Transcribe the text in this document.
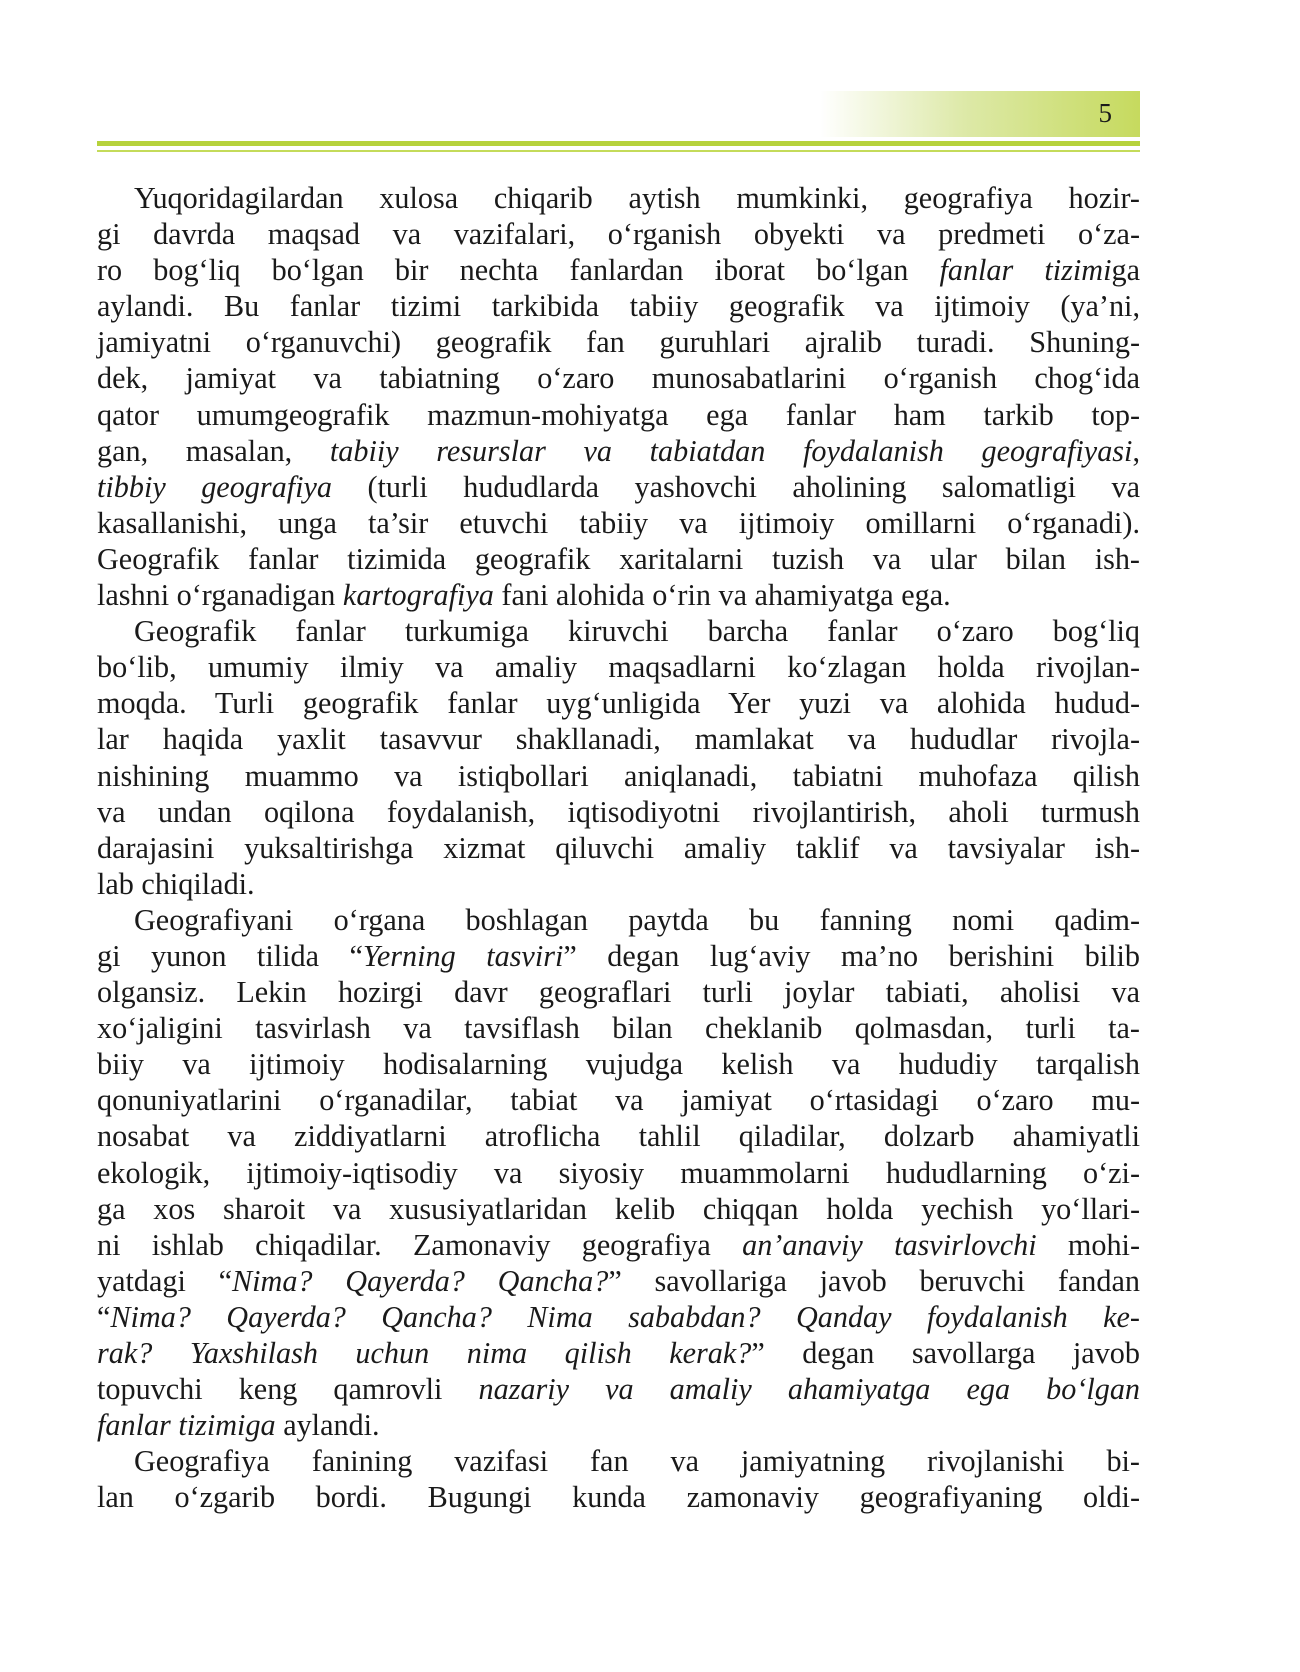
5
Yuqoridagilardan xulosa chiqarib aytish mumkinki, geografiya hozir-
gi davrda maqsad va vazifalari, o‘rganish obyekti va predmeti o‘za-
ro bog‘liq bo‘lgan bir nechta fanlardan iborat bo‘lgan fanlar tizimiga
aylandi. Bu fanlar tizimi tarkibida tabiiy geografik va ijtimoiy (ya’ni,
jamiyatni o‘rganuvchi) geografik fan guruhlari ajralib turadi. Shuning-
dek, jamiyat va tabiatning o‘zaro munosabatlarini o‘rganish chog‘ida
qator umumgeografik mazmun-mohiyatga ega fanlar ham tarkib top-
gan, masalan, tabiiy resurslar va tabiatdan foydalanish geografiyasi,
tibbiy geografiya (turli hududlarda yashovchi aholining salomatligi va
kasallanishi, unga ta’sir etuvchi tabiiy va ijtimoiy omillarni o‘rganadi).
Geografik fanlar tizimida geografik xaritalarni tuzish va ular bilan ish-
lashni o‘rganadigan kartografiya fani alohida o‘rin va ahamiyatga ega.
Geografik fanlar turkumiga kiruvchi barcha fanlar o‘zaro bog‘liq
bo‘lib, umumiy ilmiy va amaliy maqsadlarni ko‘zlagan holda rivojlan-
moqda. Turli geografik fanlar uyg‘unligida Yer yuzi va alohida hudud-
lar haqida yaxlit tasavvur shakllanadi, mamlakat va hududlar rivojla-
nishining muammo va istiqbollari aniqlanadi, tabiatni muhofaza qilish
va undan oqilona foydalanish, iqtisodiyotni rivojlantirish, aholi turmush
darajasini yuksaltirishga xizmat qiluvchi amaliy taklif va tavsiyalar ish-
lab chiqiladi.
Geografiyani o‘rgana boshlagan paytda bu fanning nomi qadim-
gi yunon tilida “Yerning tasviri” degan lug‘aviy ma’no berishini bilib
olgansiz. Lekin hozirgi davr geograflari turli joylar tabiati, aholisi va
xo‘jaligini tasvirlash va tavsiflash bilan cheklanib qolmasdan, turli ta-
biiy va ijtimoiy hodisalarning vujudga kelish va hududiy tarqalish
qonuniyatlarini o‘rganadilar, tabiat va jamiyat o‘rtasidagi o‘zaro mu-
nosabat va ziddiyatlarni atroflicha tahlil qiladilar, dolzarb ahamiyatli
ekologik, ijtimoiy-iqtisodiy va siyosiy muammolarni hududlarning o‘zi-
ga xos sharoit va xususiyatlaridan kelib chiqqan holda yechish yo‘llari-
ni ishlab chiqadilar. Zamonaviy geografiya an’anaviy tasvirlovchi mohi-
yatdagi “Nima? Qayerda? Qancha?” savollariga javob beruvchi fandan
“Nima? Qayerda? Qancha? Nima sababdan? Qanday foydalanish ke-
rak? Yaxshilash uchun nima qilish kerak?” degan savollarga javob
topuvchi keng qamrovli nazariy va amaliy ahamiyatga ega bo‘lgan
fanlar tizimiga aylandi.
Geografiya fanining vazifasi fan va jamiyatning rivojlanishi bi-
lan o‘zgarib bordi. Bugungi kunda zamonaviy geografiyaning oldi-
